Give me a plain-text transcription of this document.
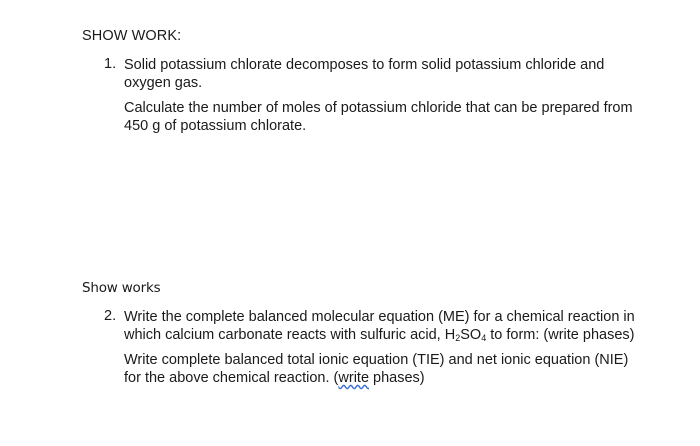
SHOW WORK:
1. Solid potassium chlorate decomposes to form solid potassium chloride and oxygen gas.
Calculate the number of moles of potassium chloride that can be prepared from 450 g of potassium chlorate.
Show works
2. Write the complete balanced molecular equation (ME) for a chemical reaction in which calcium carbonate reacts with sulfuric acid, $H_2SO_4$ to form: (write phases)
Write complete balanced total ionic equation (TIE) and net ionic equation (NIE) for the above chemical reaction. (write phases)
